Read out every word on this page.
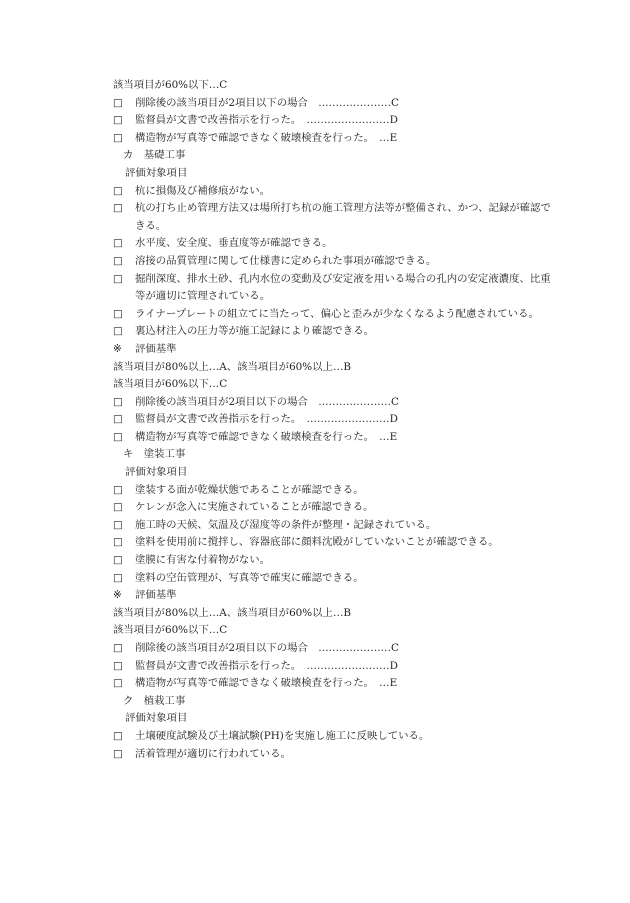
該当項目が60%以下…C
□	削除後の該当項目が2項目以下の場合　…………………C
□	監督員が文書で改善指示を行った。　……………………D
□	構造物が写真等で確認できなく破壊検査を行った。　…E
カ　基礎工事
評価対象項目
□	杭に損傷及び補修痕がない。
□	杭の打ち止め管理方法又は場所打ち杭の施工管理方法等が整備され、かつ、記録が確認できる。
□	水平度、安全度、垂直度等が確認できる。
□	溶接の品質管理に関して仕様書に定められた事項が確認できる。
□	掘削深度、排水土砂、孔内水位の変動及び安定液を用いる場合の孔内の安定液濃度、比重等が適切に管理されている。
□	ライナープレートの組立てに当たって、偏心と歪みが少なくなるよう配慮されている。
□	裏込材注入の圧力等が施工記録により確認できる。
※	評価基準
該当項目が80%以上…A、該当項目が60%以上…B
該当項目が60%以下…C
□	削除後の該当項目が2項目以下の場合　…………………C
□	監督員が文書で改善指示を行った。　……………………D
□	構造物が写真等で確認できなく破壊検査を行った。　…E
キ　塗装工事
評価対象項目
□	塗装する面が乾燥状態であることが確認できる。
□	ケレンが念入に実施されていることが確認できる。
□	施工時の天候、気温及び湿度等の条件が整理・記録されている。
□	塗料を使用前に撹拌し、容器底部に顔料沈殿がしていないことが確認できる。
□	塗膜に有害な付着物がない。
□	塗料の空缶管理が、写真等で確実に確認できる。
※	評価基準
該当項目が80%以上…A、該当項目が60%以上…B
該当項目が60%以下…C
□	削除後の該当項目が2項目以下の場合　…………………C
□	監督員が文書で改善指示を行った。　……………………D
□	構造物が写真等で確認できなく破壊検査を行った。　…E
ク　植栽工事
評価対象項目
□	土壌硬度試験及び土壌試験(PH)を実施し施工に反映している。
□	活着管理が適切に行われている。
